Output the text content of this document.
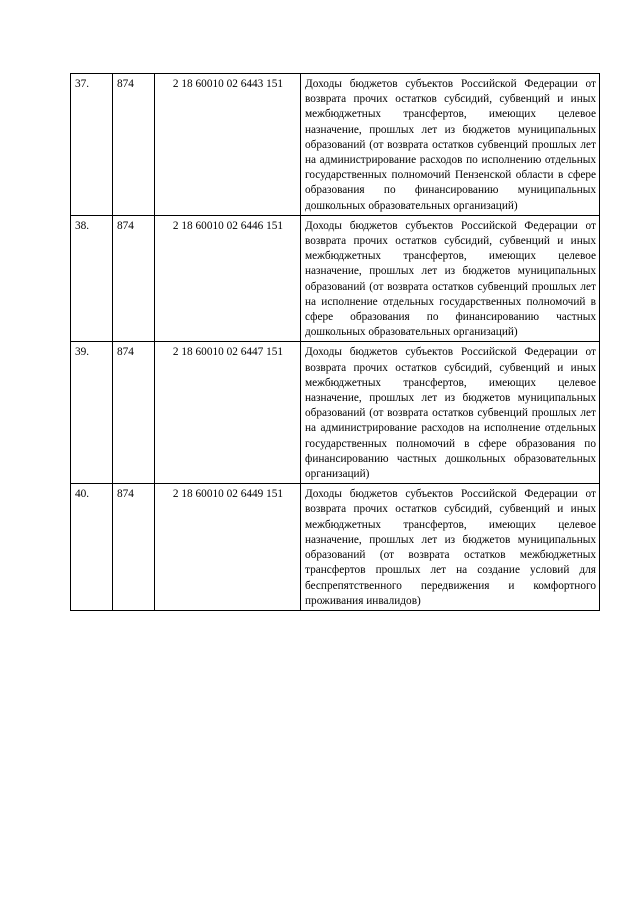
37.	874	2 18 60010 02 6443 151	Доходы бюджетов субъектов Российской Федерации от возврата прочих остатков субсидий, субвенций и иных межбюджетных трансфертов, имеющих целевое назначение, прошлых лет из бюджетов муниципальных образований (от возврата остатков субвенций прошлых лет на администрирование расходов по исполнению отдельных государственных полномочий Пензенской области в сфере образования по финансированию муниципальных дошкольных образовательных организаций)
38.	874	2 18 60010 02 6446 151	Доходы бюджетов субъектов Российской Федерации от возврата прочих остатков субсидий, субвенций и иных межбюджетных трансфертов, имеющих целевое назначение, прошлых лет из бюджетов муниципальных образований (от возврата остатков субвенций прошлых лет на исполнение отдельных государственных полномочий в сфере образования по финансированию частных дошкольных образовательных организаций)
39.	874	2 18 60010 02 6447 151	Доходы бюджетов субъектов Российской Федерации от возврата прочих остатков субсидий, субвенций и иных межбюджетных трансфертов, имеющих целевое назначение, прошлых лет из бюджетов муниципальных образований (от возврата остатков субвенций прошлых лет на администрирование расходов на исполнение отдельных государственных полномочий в сфере образования по финансированию частных дошкольных образовательных организаций)
40.	874	2 18 60010 02 6449 151	Доходы бюджетов субъектов Российской Федерации от возврата прочих остатков субсидий, субвенций и иных межбюджетных трансфертов, имеющих целевое назначение, прошлых лет из бюджетов муниципальных образований (от возврата остатков межбюджетных трансфертов прошлых лет на создание условий для беспрепятственного передвижения и комфортного проживания инвалидов)
